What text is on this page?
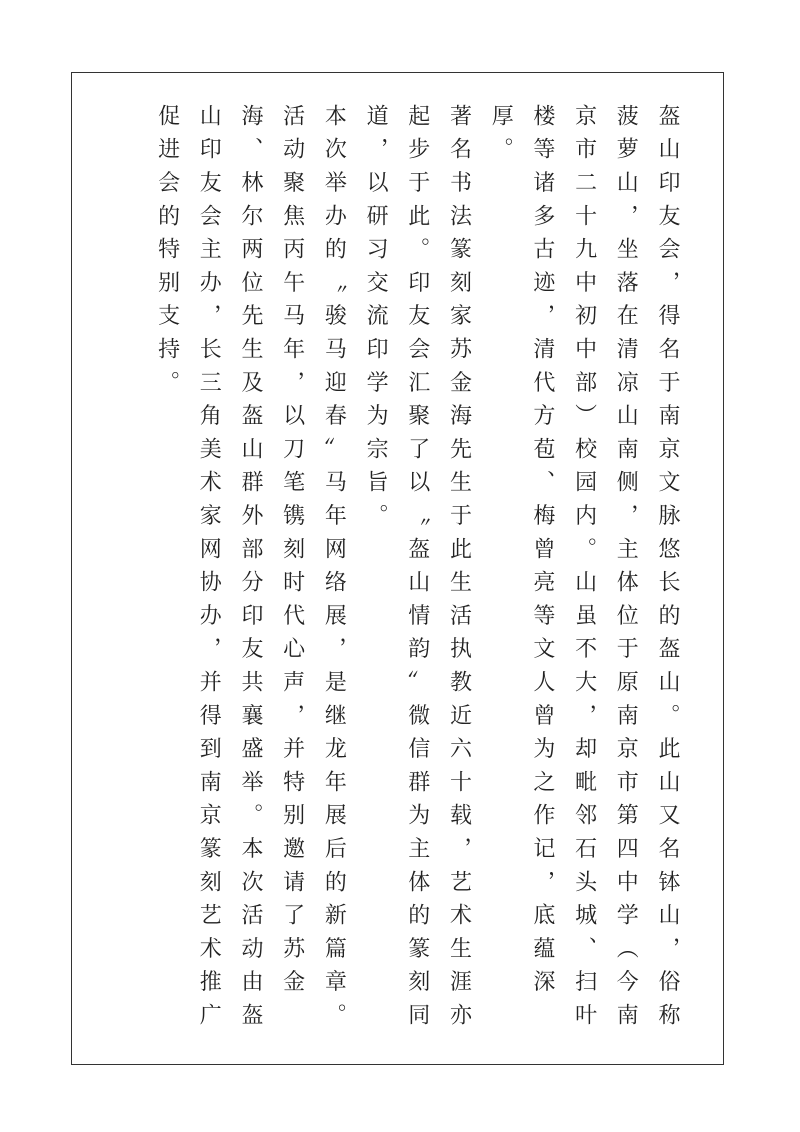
盔山印友会，得名于南京文脉悠长的盔山。此山又名钵山，俗称菠萝山，坐落在清凉山南侧，主体位于原南京市第四中学（今南京市二十九中初中部）校园内。山虽不大，却毗邻石头城、扫叶楼等诸多古迹，清代方苞、梅曾亮等文人曾为之作记，底蕴深厚。

著名书法篆刻家苏金海先生于此生活执教近六十载，艺术生涯亦起步于此。印友会汇聚了以〝盔山情韵〞微信群为主体的篆刻同道，以研习交流印学为宗旨。

本次举办的〝骏马迎春〞马年网络展，是继龙年展后的新篇章。活动聚焦丙午马年，以刀笔镌刻时代心声，并特别邀请了苏金海、林尔两位先生及盔山群外部分印友共襄盛举。本次活动由盔山印友会主办，长三角美术家网协办，并得到南京篆刻艺术推广促进会的特别支持。
